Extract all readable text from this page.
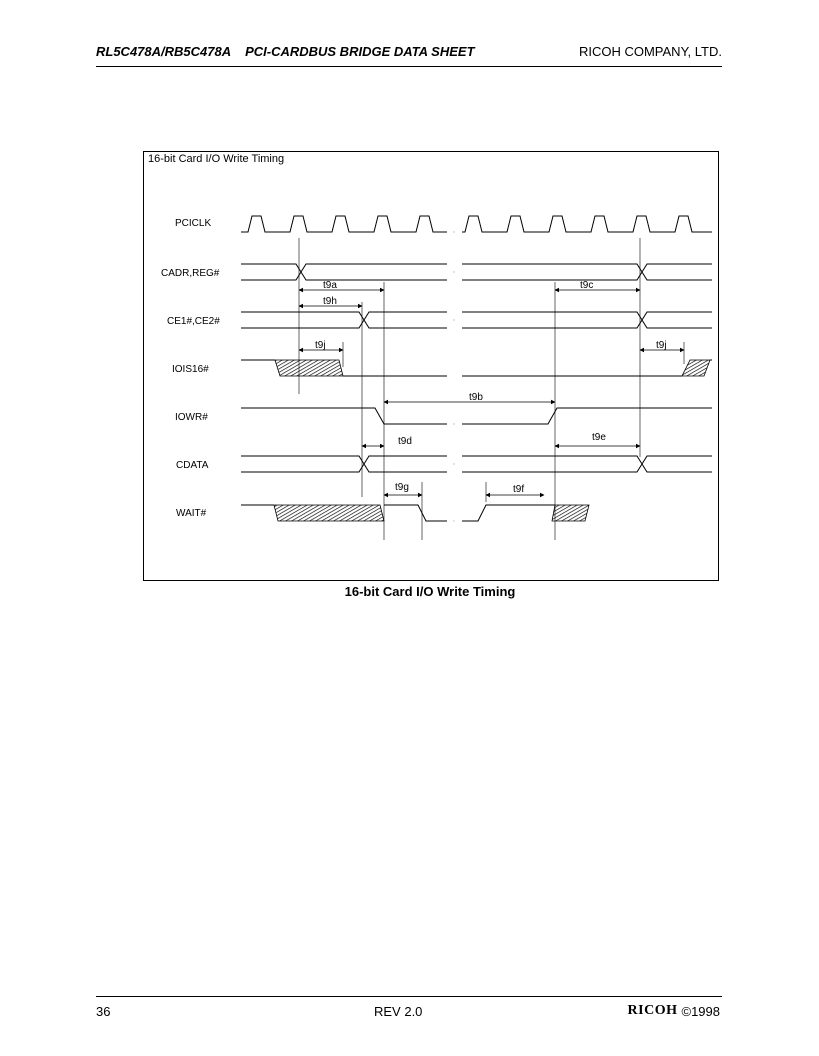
RL5C478A/RB5C478A    PCI-CARDBUS BRIDGE DATA SHEET	RICOH COMPANY, LTD.
16-bit Card I/O Write Timing
PCICLK
CADR,REG#
CE1#,CE2#
IOIS16#
IOWR#
CDATA
WAIT#
t9a
t9h
t9c
t9j	t9j
t9b
t9d	t9e
t9g	t9f
16-bit Card I/O Write Timing
36	REV 2.0	RICOH ©1998
